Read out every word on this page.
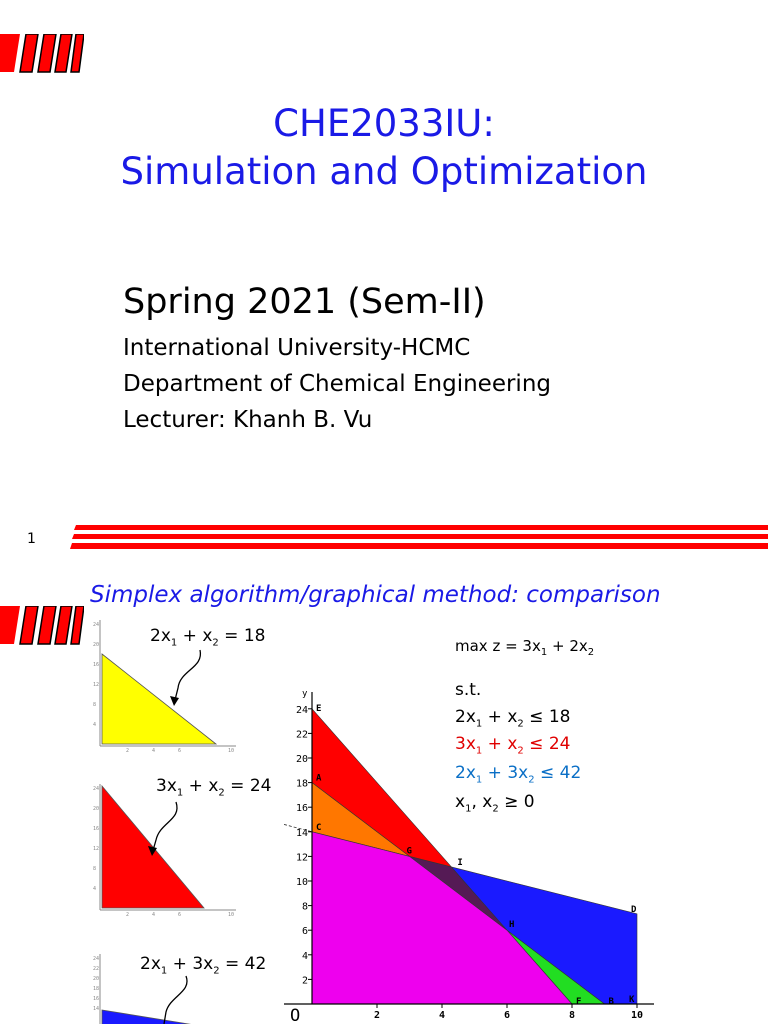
CHE2033IU:
Simulation and Optimization
Spring 2021 (Sem-II)
International University-HCMC
Department of Chemical Engineering
Lecturer: Khanh B. Vu
1
Simplex algorithm/graphical method: comparison
24
20
16
12
8
4
2	4	6	10
$2x_1 + x_2 = 18$
24
20
16
12
8
4
2	4	6	10
$3x_1 + x_2 = 24$
24
22
20
18
16
14
$2x_1 + 3x_2 = 42$
$\max z = 3x_1 + 2x_2$
s.t.
$2x_1 + x_2 \le 18$
$3x_1 + x_2 \le 24$
$2x_1 + 3x_2 \le 42$
$x_1$, $x_2 \ge 0$
2
4
6
8
10
12
14
16
18
20
22
24
2	4	6	8	10
y
E
A
C
G
I
H
D
F	B K
O
